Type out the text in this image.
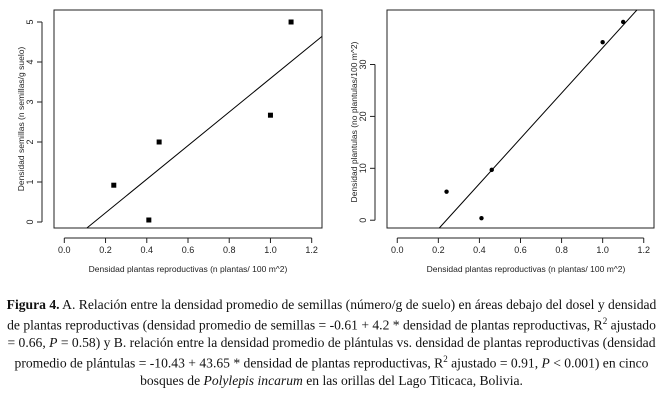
0.0	0.2	0.4	0.6	0.8	1.0	1.2
0
1
2
3
4
5
Densidad plantas reproductivas (n plantas/ 100 m^2)
Densidad semillas (n semillas/g suelo)
0.0	0.2	0.4	0.6	0.8	1.0	1.2
0
10
20
30
Densidad plantas reproductivas (n plantas/ 100 m^2)
Densidad plantulas (no plantulas/100 m^2)
Figura 4. A. Relación entre la densidad promedio de semillas (número/g de suelo) en áreas debajo del dosel y densidad de plantas reproductivas (densidad promedio de semillas = -0.61 + 4.2 * densidad de plantas reproductivas, $R^2$ ajustado = 0.66, P = 0.58) y B. relación entre la densidad promedio de plántulas vs. densidad de plantas reproductivas (densidad promedio de plántulas = -10.43 + 43.65 * densidad de plantas reproductivas, $R^2$ ajustado = 0.91, P < 0.001) en cinco bosques de Polylepis incarum en las orillas del Lago Titicaca, Bolivia.
